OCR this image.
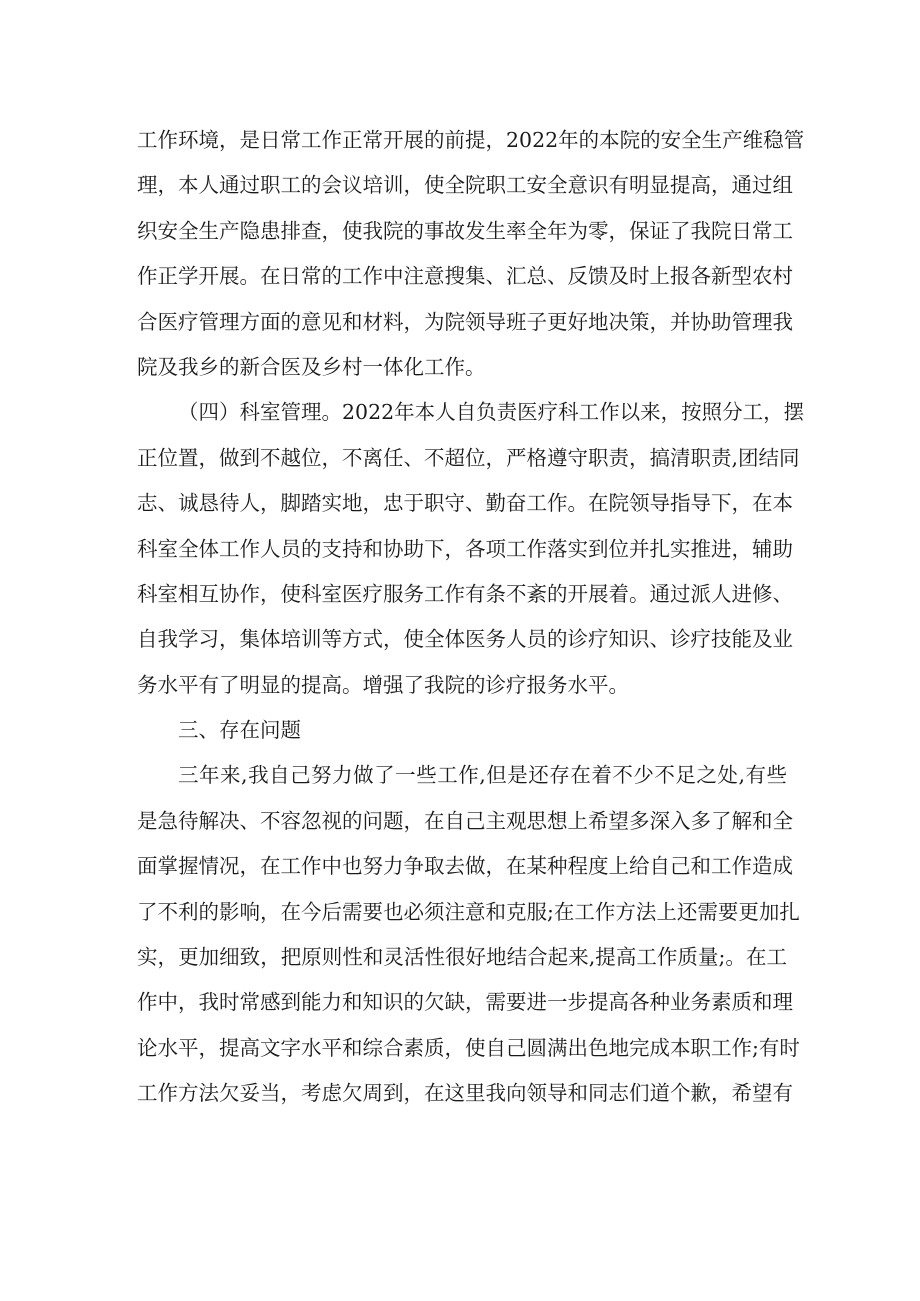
工作环境，是日常工作正常开展的前提，2022年的本院的安全生产维稳管
理，本人通过职工的会议培训，使全院职工安全意识有明显提高，通过组
织安全生产隐患排查，使我院的事故发生率全年为零，保证了我院日常工
作正学开展。在日常的工作中注意搜集、汇总、反馈及时上报各新型农村
合医疗管理方面的意见和材料，为院领导班子更好地决策，并协助管理我
院及我乡的新合医及乡村一体化工作。
（四）科室管理。2022年本人自负责医疗科工作以来，按照分工，摆
正位置，做到不越位，不离任、不超位，严格遵守职责，搞清职责,团结同
志、诚恳待人，脚踏实地，忠于职守、勤奋工作。在院领导指导下，在本
科室全体工作人员的支持和协助下，各项工作落实到位并扎实推进，辅助
科室相互协作，使科室医疗服务工作有条不紊的开展着。通过派人进修、
自我学习，集体培训等方式，使全体医务人员的诊疗知识、诊疗技能及业
务水平有了明显的提高。增强了我院的诊疗报务水平。
三、存在问题
三年来,我自己努力做了一些工作,但是还存在着不少不足之处,有些
是急待解决、不容忽视的问题，在自己主观思想上希望多深入多了解和全
面掌握情况，在工作中也努力争取去做，在某种程度上给自己和工作造成
了不利的影响，在今后需要也必须注意和克服;在工作方法上还需要更加扎
实，更加细致，把原则性和灵活性很好地结合起来,提高工作质量;。在工
作中，我时常感到能力和知识的欠缺，需要进一步提高各种业务素质和理
论水平，提高文字水平和综合素质，使自己圆满出色地完成本职工作;有时
工作方法欠妥当，考虑欠周到，在这里我向领导和同志们道个歉，希望有
